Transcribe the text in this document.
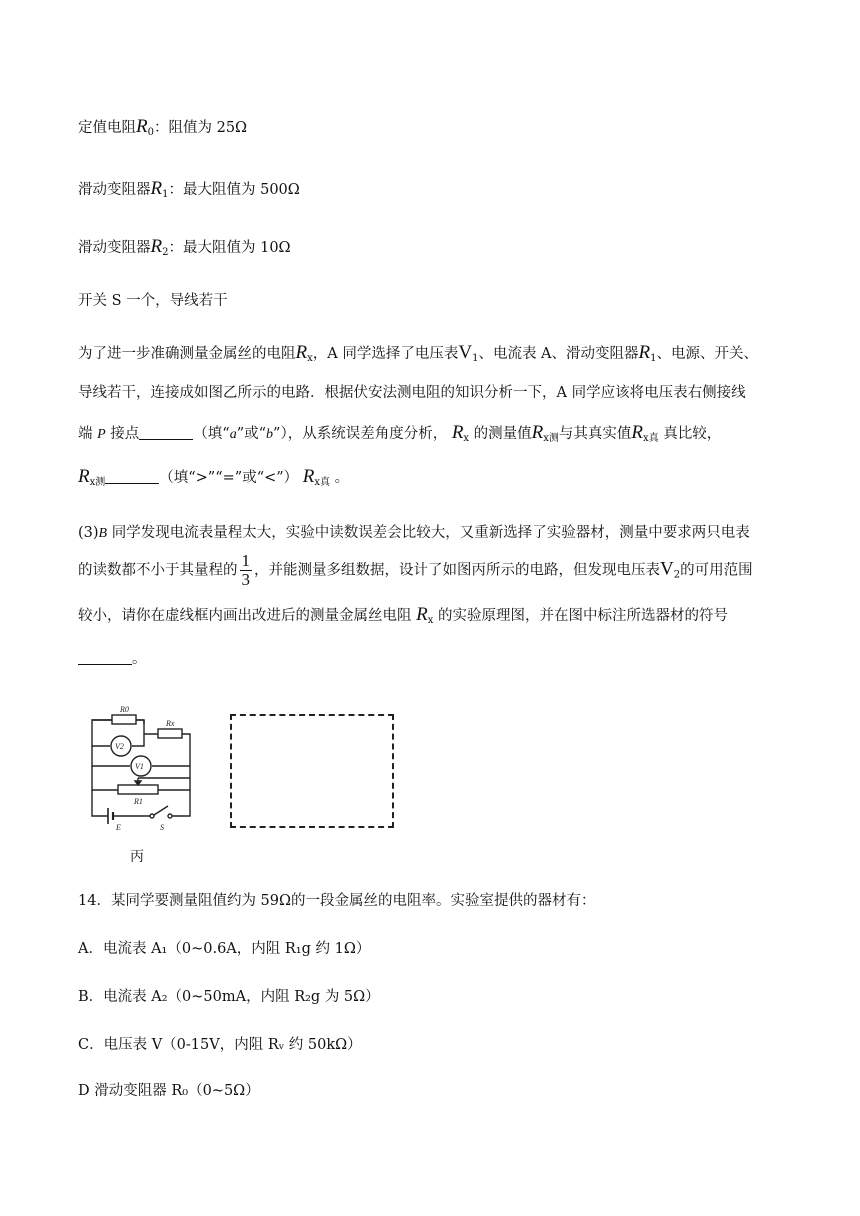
定值电阻$R_0$：阻值为 25Ω
滑动变阻器$R_1$：最大阻值为 500Ω
滑动变阻器$R_2$：最大阻值为 10Ω
开关 S 一个，导线若干
为了进一步准确测量金属丝的电阻$R_x$，A 同学选择了电压表$V_1$、电流表 A、滑动变阻器$R_1$、电源、开关、
导线若干，连接成如图乙所示的电路．根据伏安法测电阻的知识分析一下，A 同学应该将电压表右侧接线
端 P 接点	（填“a”或“b”），从系统误差角度分析， $R_x$ 的测量值$R_{x测}$与其真实值$R_{x真}$ 真比较，
$R_{x测}$	（填“>”“=”或“<”） $R_{x真}$ 。
(3)B 同学发现电流表量程太大，实验中读数误差会比较大，又重新选择了实验器材，测量中要求两只电表
的读数都不小于其量程的 $\frac{1}{3}$ ，并能测量多组数据，设计了如图丙所示的电路，但发现电压表$V_2$的可用范围
较小，请你在虚线框内画出改进后的测量金属丝电阻 $R_x$ 的实验原理图，并在图中标注所选器材的符号
。
R0
Rx
V2
V1
R1
E	S
丙
14．某同学要测量阻值约为 59Ω的一段金属丝的电阻率。实验室提供的器材有：
A．电流表 A₁（0~0.6A，内阻 R₁g 约 1Ω）
B．电流表 A₂（0~50mA，内阻 R₂g 为 5Ω）
C．电压表 V（0-15V，内阻 Rᵥ 约 50kΩ）
D 滑动变阻器 R₀（0~5Ω）
